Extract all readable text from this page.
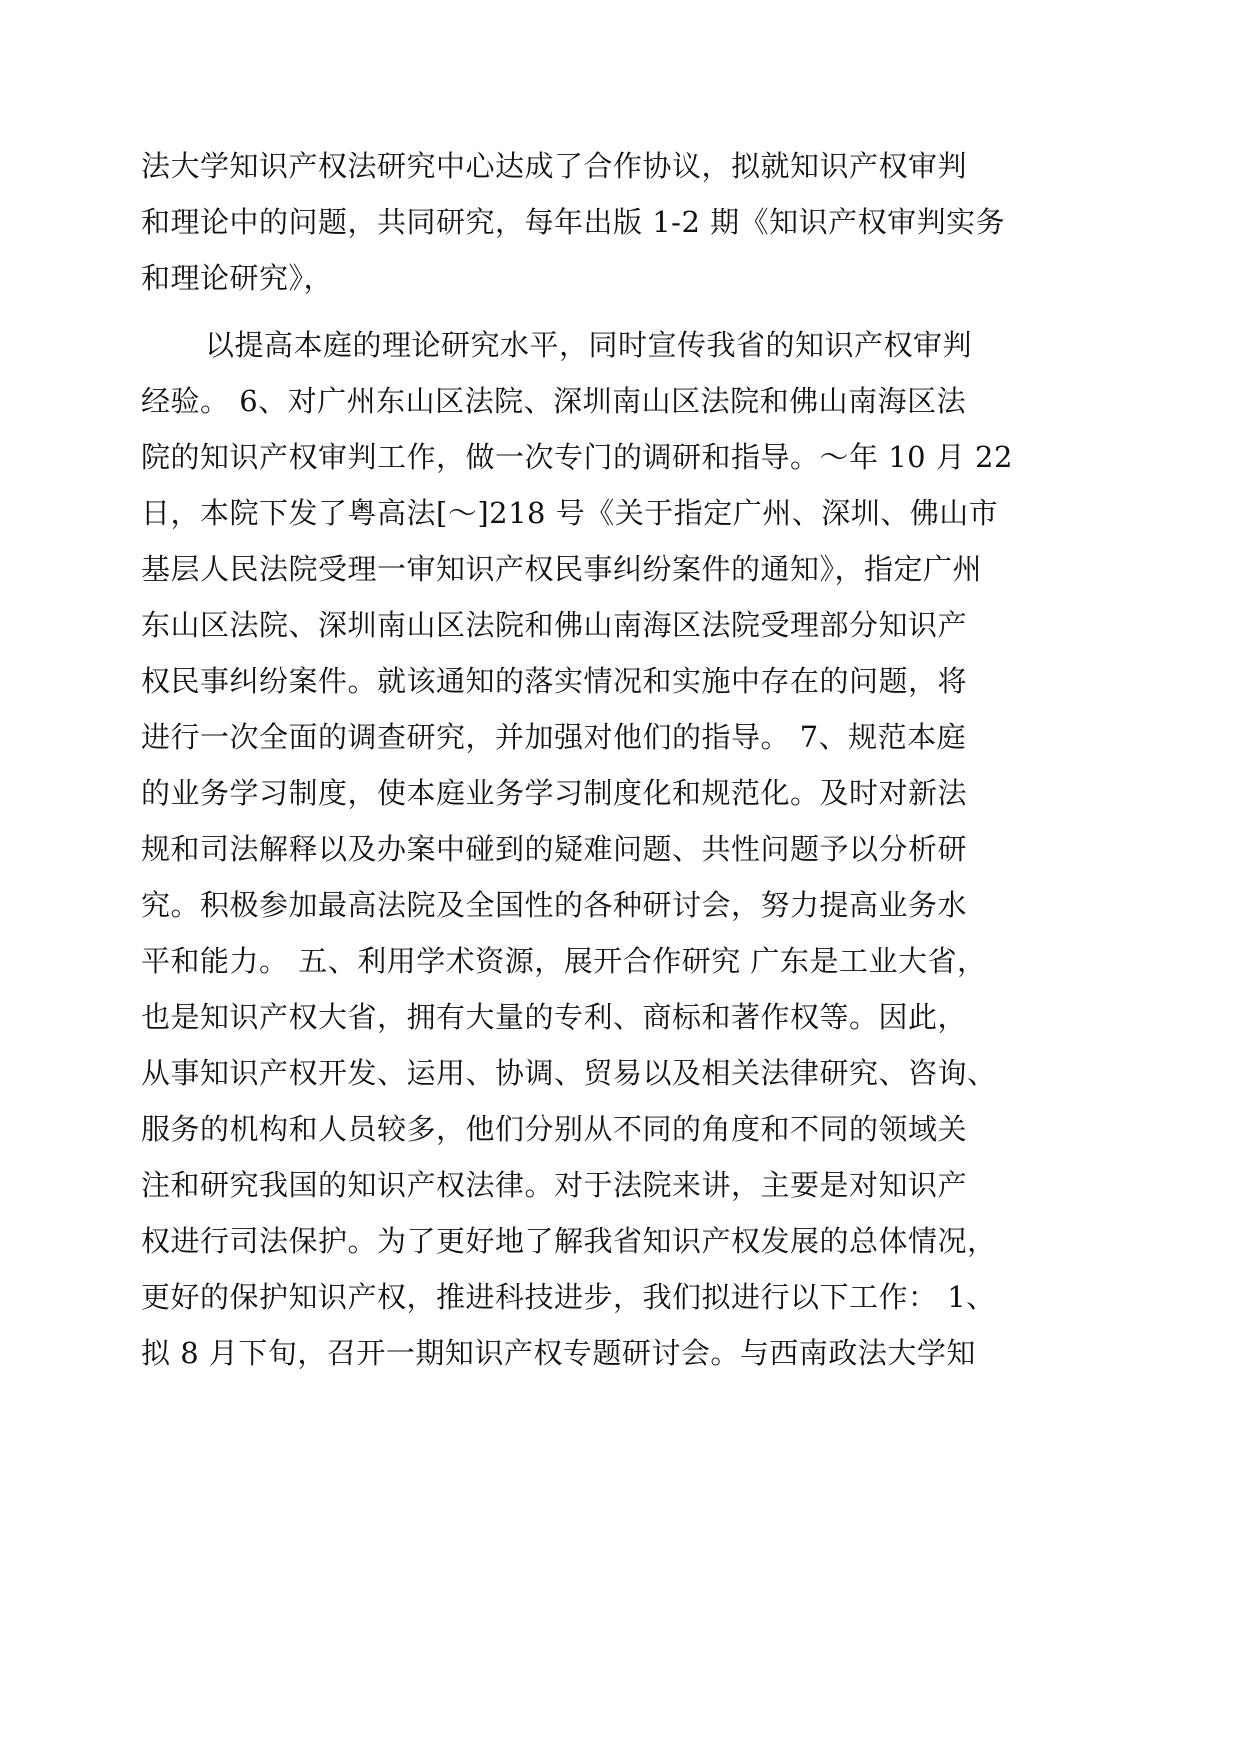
法大学知识产权法研究中心达成了合作协议，拟就知识产权审判
和理论中的问题，共同研究，每年出版 1-2 期《知识产权审判实务
和理论研究》，
以提高本庭的理论研究水平，同时宣传我省的知识产权审判
经验。 6、对广州东山区法院、深圳南山区法院和佛山南海区法
院的知识产权审判工作，做一次专门的调研和指导。～年 10 月 22
日，本院下发了粤高法[～]218 号《关于指定广州、深圳、佛山市
基层人民法院受理一审知识产权民事纠纷案件的通知》，指定广州
东山区法院、深圳南山区法院和佛山南海区法院受理部分知识产
权民事纠纷案件。就该通知的落实情况和实施中存在的问题，将
进行一次全面的调查研究，并加强对他们的指导。 7、规范本庭
的业务学习制度，使本庭业务学习制度化和规范化。及时对新法
规和司法解释以及办案中碰到的疑难问题、共性问题予以分析研
究。积极参加最高法院及全国性的各种研讨会，努力提高业务水
平和能力。 五、利用学术资源，展开合作研究 广东是工业大省，
也是知识产权大省，拥有大量的专利、商标和著作权等。因此，
从事知识产权开发、运用、协调、贸易以及相关法律研究、咨询、
服务的机构和人员较多，他们分别从不同的角度和不同的领域关
注和研究我国的知识产权法律。对于法院来讲，主要是对知识产
权进行司法保护。为了更好地了解我省知识产权发展的总体情况，
更好的保护知识产权，推进科技进步，我们拟进行以下工作： 1、
拟 8 月下旬，召开一期知识产权专题研讨会。与西南政法大学知
